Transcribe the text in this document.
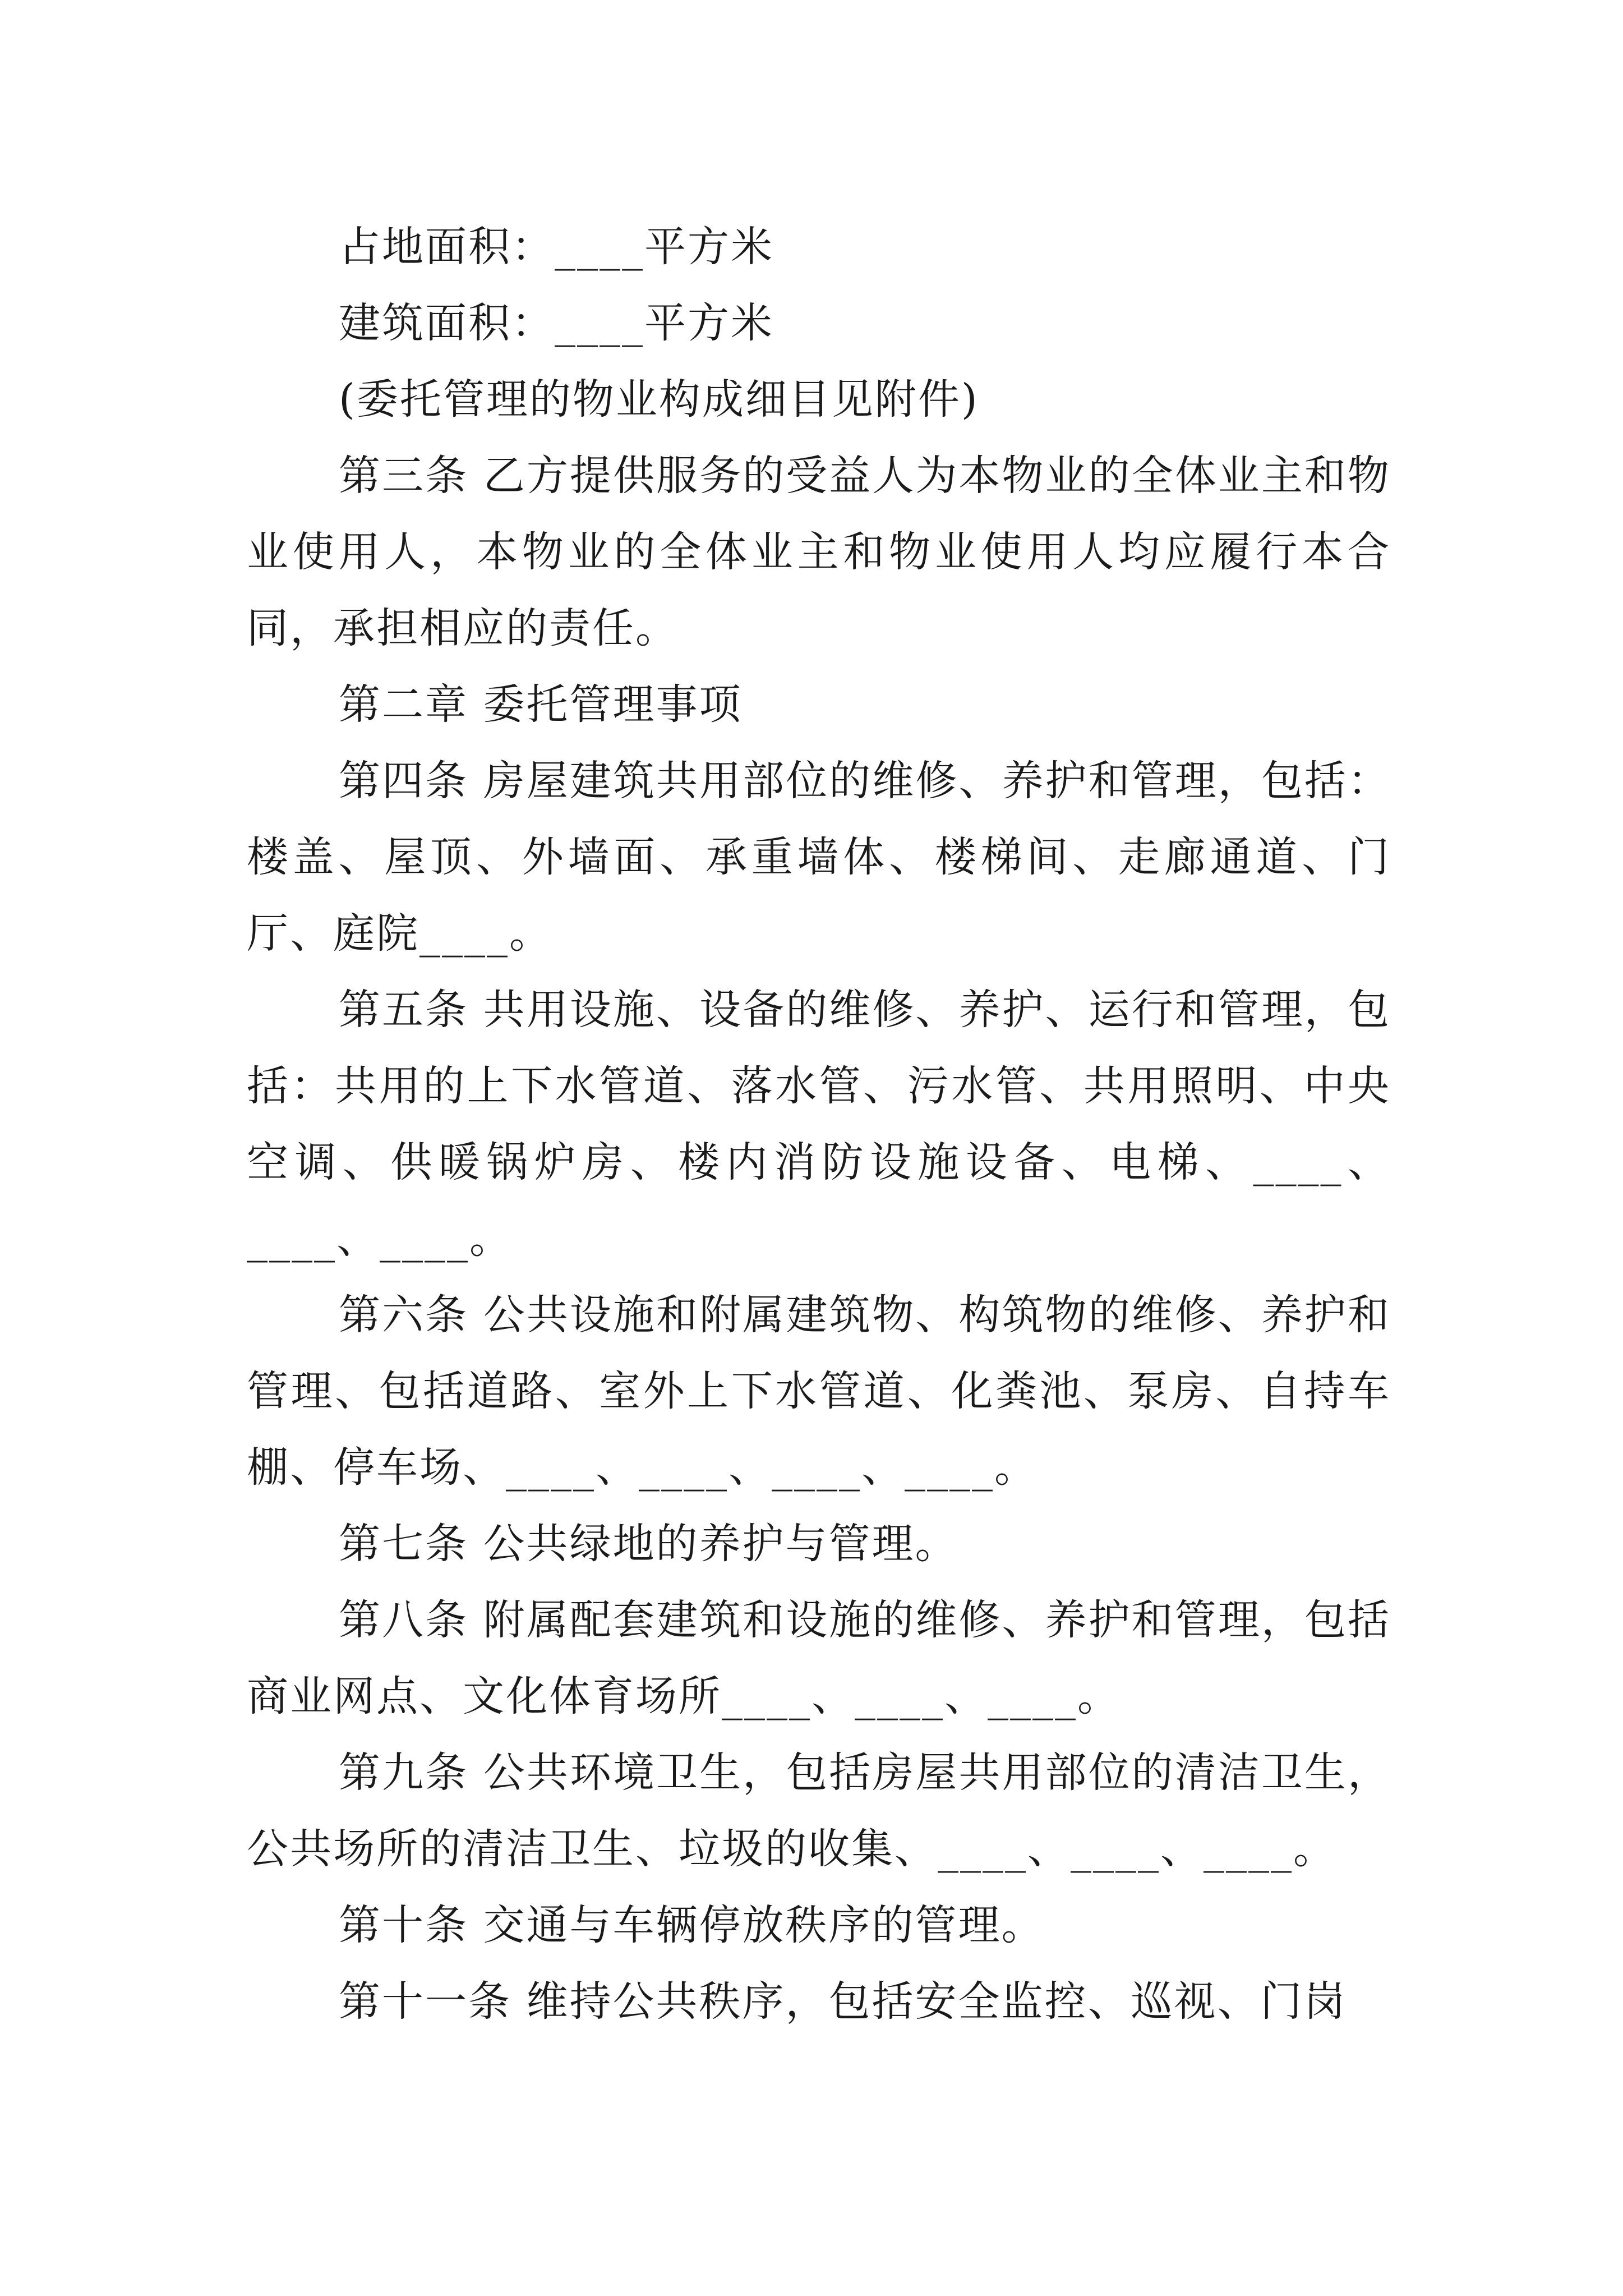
占地面积：____平方米

建筑面积：____平方米

(委托管理的物业构成细目见附件)

第三条 乙方提供服务的受益人为本物业的全体业主和物业使用人，本物业的全体业主和物业使用人均应履行本合同，承担相应的责任。

第二章 委托管理事项

第四条 房屋建筑共用部位的维修、养护和管理，包括：楼盖、屋顶、外墙面、承重墙体、楼梯间、走廊通道、门厅、庭院____。

第五条 共用设施、设备的维修、养护、运行和管理，包括：共用的上下水管道、落水管、污水管、共用照明、中央空调、供暖锅炉房、楼内消防设施设备、电梯、____、____、____。

第六条 公共设施和附属建筑物、构筑物的维修、养护和管理、包括道路、室外上下水管道、化粪池、泵房、自持车棚、停车场、____、____、____、____。

第七条 公共绿地的养护与管理。

第八条 附属配套建筑和设施的维修、养护和管理，包括商业网点、文化体育场所____、____、____。

第九条 公共环境卫生，包括房屋共用部位的清洁卫生，公共场所的清洁卫生、垃圾的收集、____、____、____。

第十条 交通与车辆停放秩序的管理。

第十一条 维持公共秩序，包括安全监控、巡视、门岗
